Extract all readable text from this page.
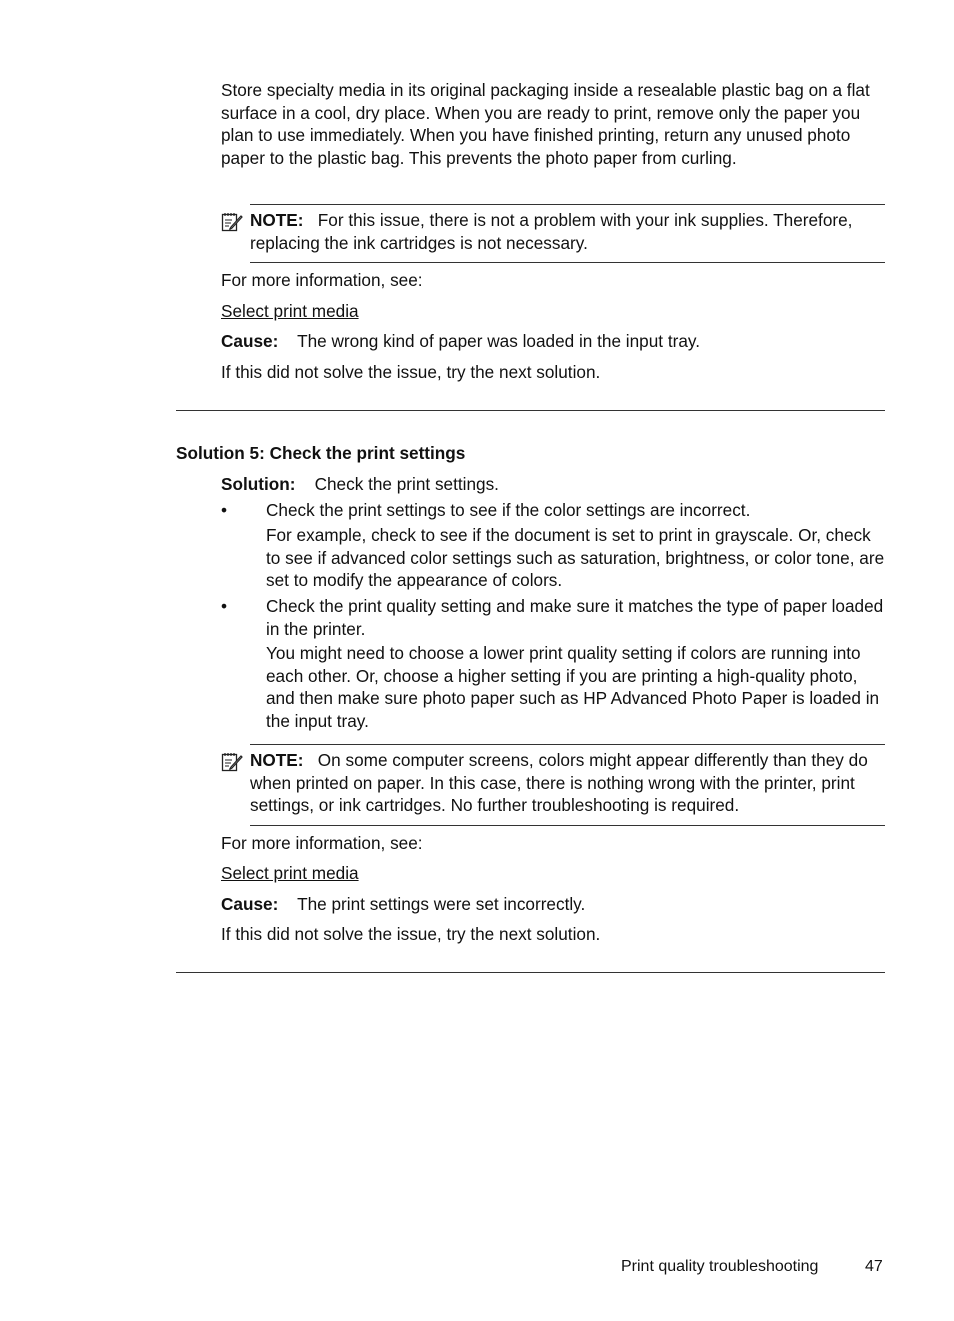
Store specialty media in its original packaging inside a resealable plastic bag on a flat surface in a cool, dry place. When you are ready to print, remove only the paper you plan to use immediately. When you have finished printing, return any unused photo paper to the plastic bag. This prevents the photo paper from curling.

NOTE: For this issue, there is not a problem with your ink supplies. Therefore, replacing the ink cartridges is not necessary.

For more information, see:

Select print media

Cause: The wrong kind of paper was loaded in the input tray.

If this did not solve the issue, try the next solution.

Solution 5: Check the print settings

Solution: Check the print settings.

•	Check the print settings to see if the color settings are incorrect.

For example, check to see if the document is set to print in grayscale. Or, check to see if advanced color settings such as saturation, brightness, or color tone, are set to modify the appearance of colors.

•	Check the print quality setting and make sure it matches the type of paper loaded in the printer.

You might need to choose a lower print quality setting if colors are running into each other. Or, choose a higher setting if you are printing a high-quality photo, and then make sure photo paper such as HP Advanced Photo Paper is loaded in the input tray.

NOTE: On some computer screens, colors might appear differently than they do when printed on paper. In this case, there is nothing wrong with the printer, print settings, or ink cartridges. No further troubleshooting is required.

For more information, see:

Select print media

Cause: The print settings were set incorrectly.

If this did not solve the issue, try the next solution.

Print quality troubleshooting	47
